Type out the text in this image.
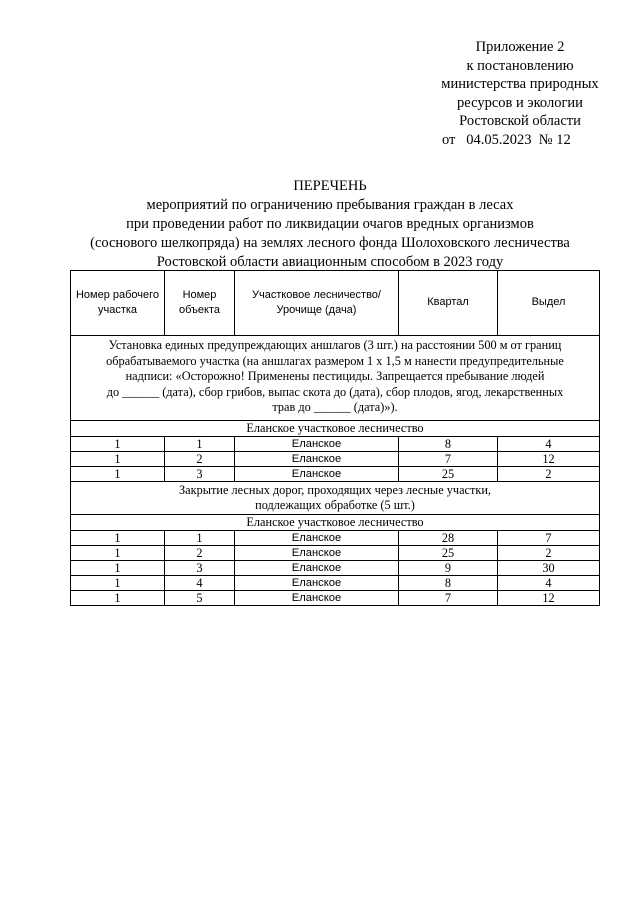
Приложение 2
к постановлению
министерства природных
ресурсов и экологии
Ростовской области
от   04.05.2023  № 12
ПЕРЕЧЕНЬ
мероприятий по ограничению пребывания граждан в лесах
при проведении работ по ликвидации очагов вредных организмов
(соснового шелкопряда) на землях лесного фонда Шолоховского лесничества
Ростовской области авиационным способом в 2023 году
Номер рабочего участка	Номер объекта	Участковое лесничество/ Урочище (дача)	Квартал	Выдел

Установка единых предупреждающих аншлагов (3 шт.) на расстоянии 500 м от границ
обрабатываемого участка (на аншлагах размером 1 х 1,5 м нанести предупредительные
надписи: «Осторожно! Применены пестициды. Запрещается пребывание людей
до ______ (дата), сбор грибов, выпас скота до (дата), сбор плодов, ягод, лекарственных
трав до ______ (дата)»).				

Еланское участковое лесничество				
1	1	Еланское	8	4
1	2	Еланское	7	12
1	3	Еланское	25	2

Закрытие лесных дорог, проходящих через лесные участки,
подлежащих обработке (5 шт.)				

Еланское участковое лесничество				
1	1	Еланское	28	7
1	2	Еланское	25	2
1	3	Еланское	9	30
1	4	Еланское	8	4
1	5	Еланское	7	12
